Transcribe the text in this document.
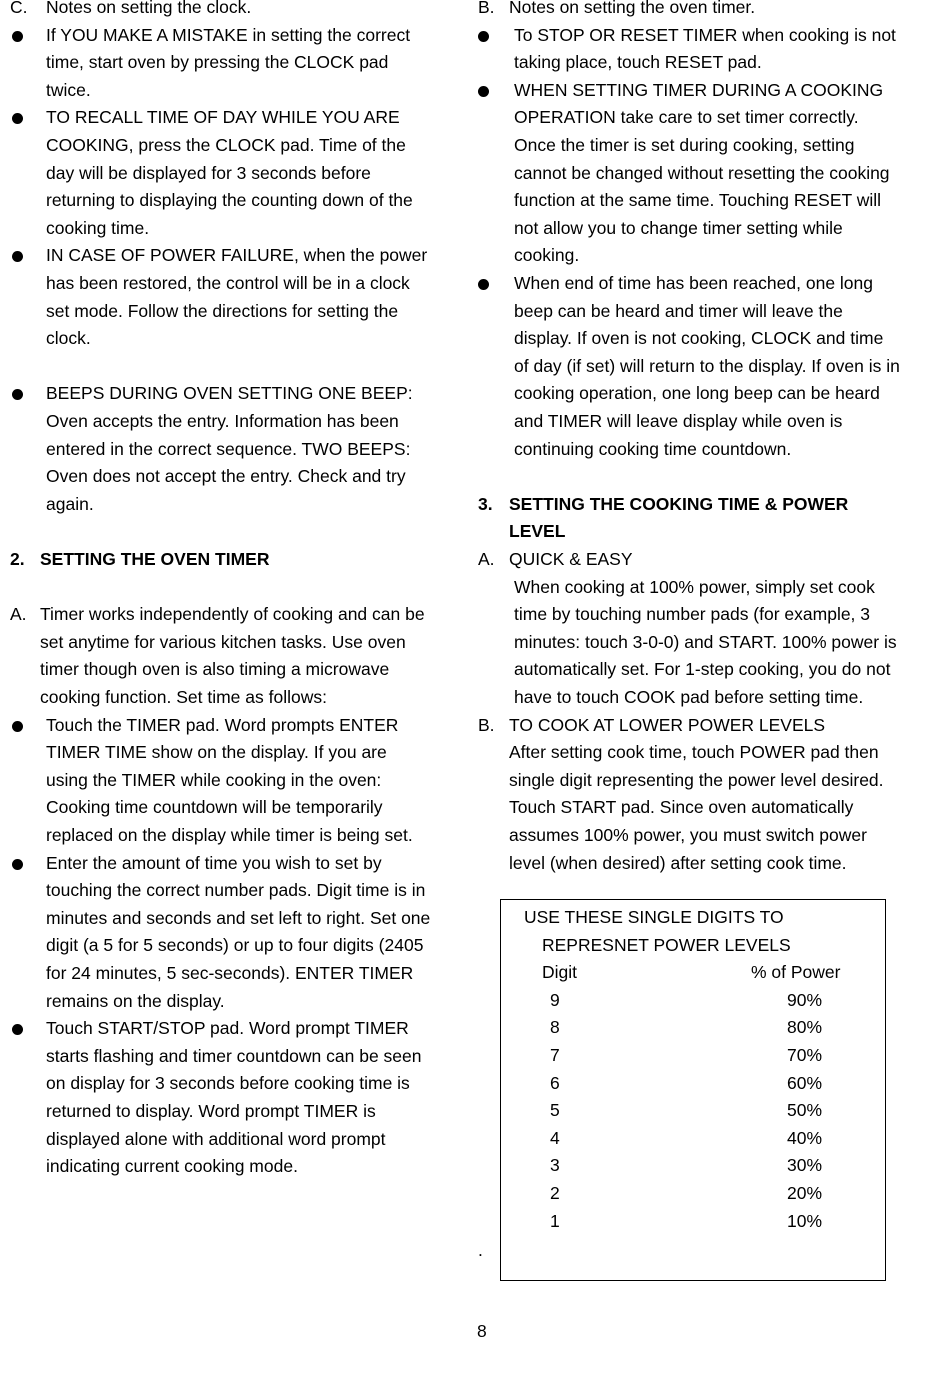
C. Notes on setting the clock.
If YOU MAKE A MISTAKE in setting the correct
time, start oven by pressing the CLOCK pad
twice.
TO RECALL TIME OF DAY WHILE YOU ARE
COOKING, press the CLOCK pad. Time of the
day will be displayed for 3 seconds before
returning to displaying the counting down of the
cooking time.
IN CASE OF POWER FAILURE, when the power
has been restored, the control will be in a clock
set mode. Follow the directions for setting the
clock.
BEEPS DURING OVEN SETTING ONE BEEP:
Oven accepts the entry. Information has been
entered in the correct sequence. TWO BEEPS:
Oven does not accept the entry. Check and try
again.
2. SETTING THE OVEN TIMER
A. Timer works independently of cooking and can be
set anytime for various kitchen tasks. Use oven
timer though oven is also timing a microwave
cooking function. Set time as follows:
Touch the TIMER pad. Word prompts ENTER
TIMER TIME show on the display. If you are
using the TIMER while cooking in the oven:
Cooking time countdown will be temporarily
replaced on the display while timer is being set.
Enter the amount of time you wish to set by
touching the correct number pads. Digit time is in
minutes and seconds and set left to right. Set one
digit (a 5 for 5 seconds) or up to four digits (2405
for 24 minutes, 5 sec-seconds). ENTER TIMER
remains on the display.
Touch START/STOP pad. Word prompt TIMER
starts flashing and timer countdown can be seen
on display for 3 seconds before cooking time is
returned to display. Word prompt TIMER is
displayed alone with additional word prompt
indicating current cooking mode.
B. Notes on setting the oven timer.
To STOP OR RESET TIMER when cooking is not
taking place, touch RESET pad.
WHEN SETTING TIMER DURING A COOKING
OPERATION take care to set timer correctly.
Once the timer is set during cooking, setting
cannot be changed without resetting the cooking
function at the same time. Touching RESET will
not allow you to change timer setting while
cooking.
When end of time has been reached, one long
beep can be heard and timer will leave the
display. If oven is not cooking, CLOCK and time
of day (if set) will return to the display. If oven is in
cooking operation, one long beep can be heard
and TIMER will leave display while oven is
continuing cooking time countdown.
3. SETTING THE COOKING TIME & POWER
LEVEL
A. QUICK & EASY
When cooking at 100% power, simply set cook
time by touching number pads (for example, 3
minutes: touch 3-0-0) and START. 100% power is
automatically set. For 1-step cooking, you do not
have to touch COOK pad before setting time.
B. TO COOK AT LOWER POWER LEVELS
After setting cook time, touch POWER pad then
single digit representing the power level desired.
Touch START pad. Since oven automatically
assumes 100% power, you must switch power
level (when desired) after setting cook time.
USE THESE SINGLE DIGITS TO
REPRESNET POWER LEVELS
Digit	% of Power
9	90%
8	80%
7	70%
6	60%
5	50%
4	40%
3	30%
2	20%
1	10%
.
8
